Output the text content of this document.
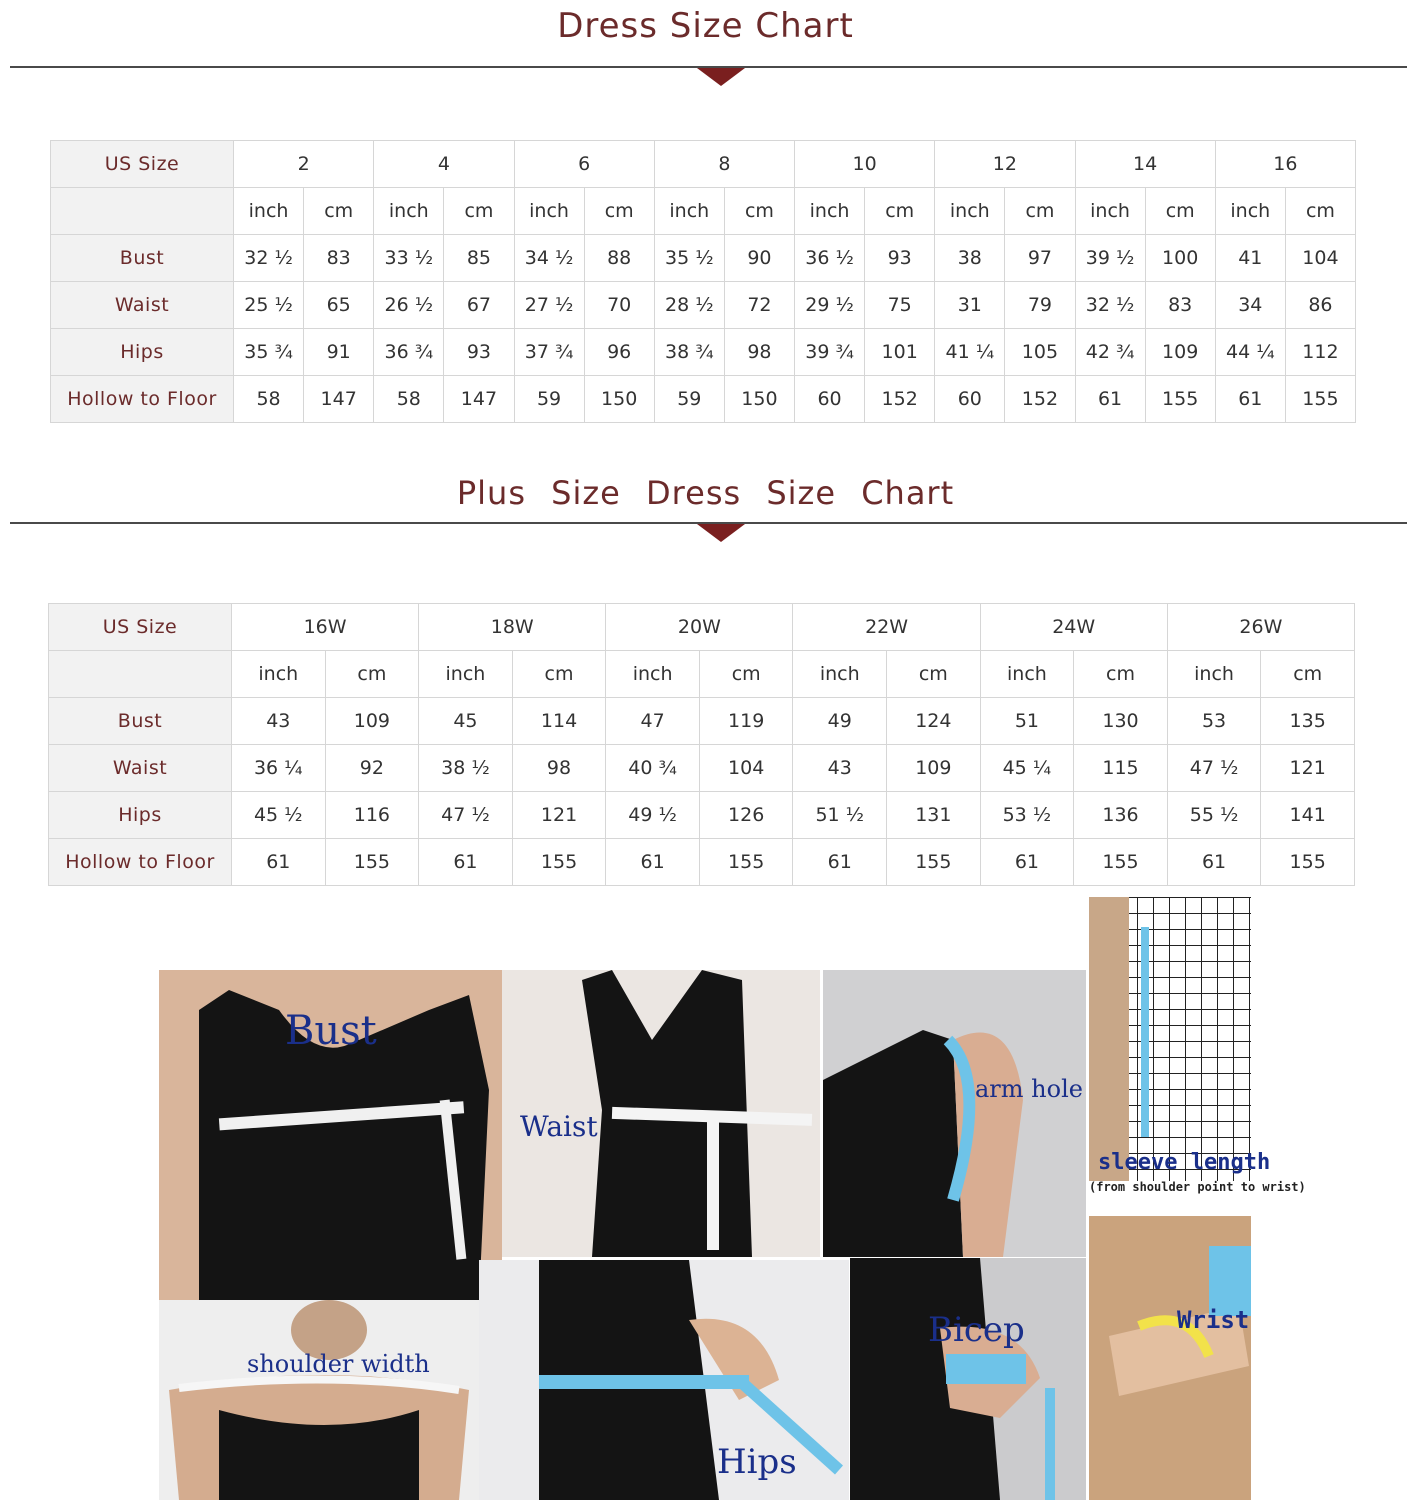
Dress Size Chart
US Size	2		4		6		8		10		12		14		16	
	inch	cm	inch	cm	inch	cm	inch	cm	inch	cm	inch	cm	inch	cm	inch	cm
Bust	32 ½	83	33 ½	85	34 ½	88	35 ½	90	36 ½	93	38	97	39 ½	100	41	104
Waist	25 ½	65	26 ½	67	27 ½	70	28 ½	72	29 ½	75	31	79	32 ½	83	34	86
Hips	35 ¾	91	36 ¾	93	37 ¾	96	38 ¾	98	39 ¾	101	41 ¼	105	42 ¾	109	44 ¼	112
Hollow to Floor	58	147	58	147	59	150	59	150	60	152	60	152	61	155	61	155
Plus Size Dress Size Chart
US Size	16W		18W		20W		22W		24W		26W	
	inch	cm	inch	cm	inch	cm	inch	cm	inch	cm	inch	cm
Bust	43	109	45	114	47	119	49	124	51	130	53	135
Waist	36 ¼	92	38 ½	98	40 ¾	104	43	109	45 ¼	115	47 ½	121
Hips	45 ½	116	47 ½	121	49 ½	126	51 ½	131	53 ½	136	55 ½	141
Hollow to Floor	61	155	61	155	61	155	61	155	61	155	61	155
Bust
Waist
arm hole
sleeve length
(from shoulder point to wrist)
Wrist
shoulder width
Hips
Bicep
